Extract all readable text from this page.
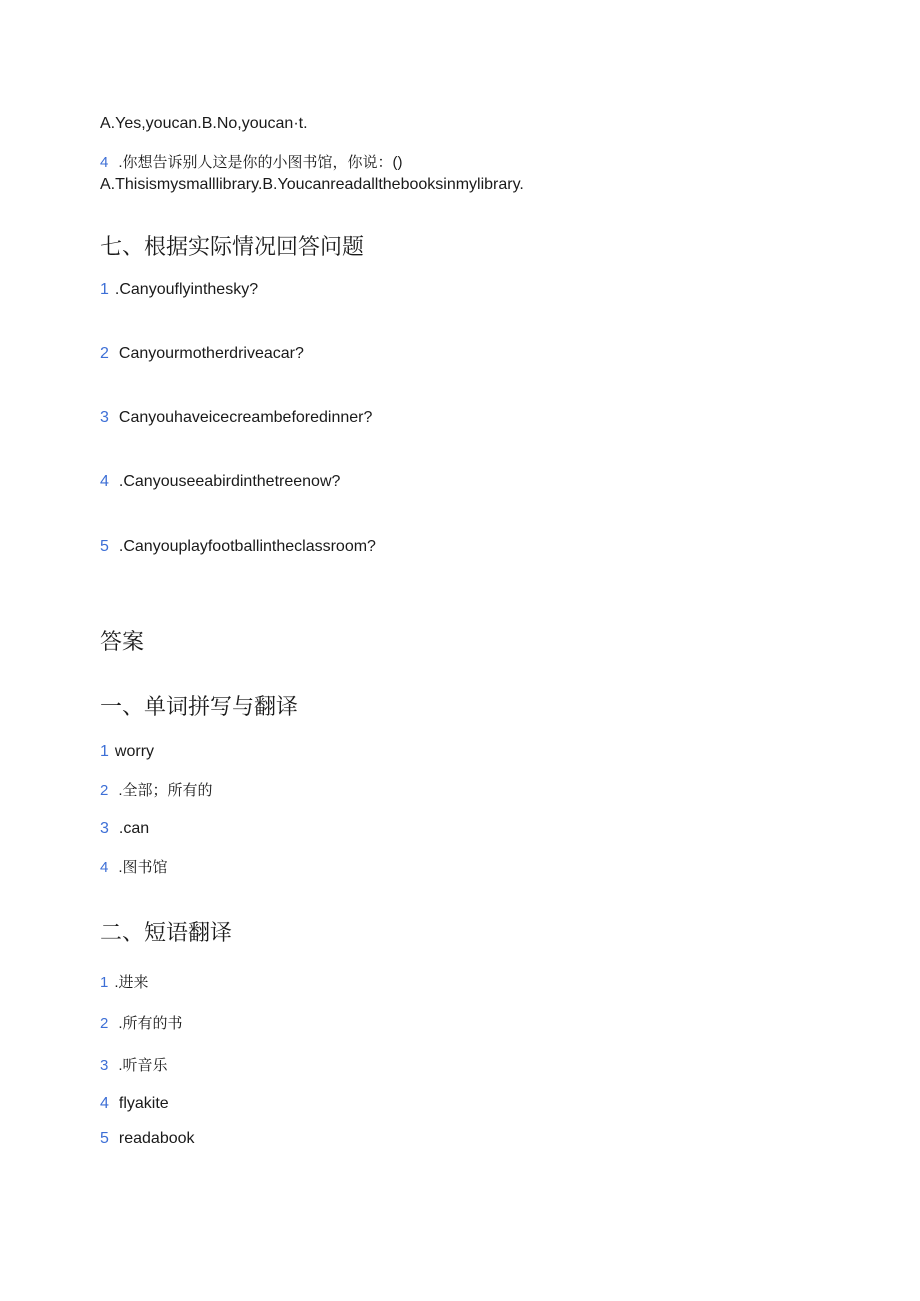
A.Yes,youcan.B.No,youcan·t.
4 .你想告诉别人这是你的小图书馆，你说：()
A.Thisismysmalllibrary.B.Youcanreadallthebooksinmylibrary.
七、根据实际情况回答问题
1 .Canyouflyinthesky?
2 Canyourmotherdriveacar?
3 Canyouhaveicecreambeforedinner?
4 .Canyouseeabirdinthetreenow?
5 .Canyouplayfootballintheclassroom?
答案
一、单词拼写与翻译
1 worry
2 .全部；所有的
3 .can
4 .图书馆
二、短语翻译
1 .进来
2 .所有的书
3 .听音乐
4 flyakite
5 readabook
